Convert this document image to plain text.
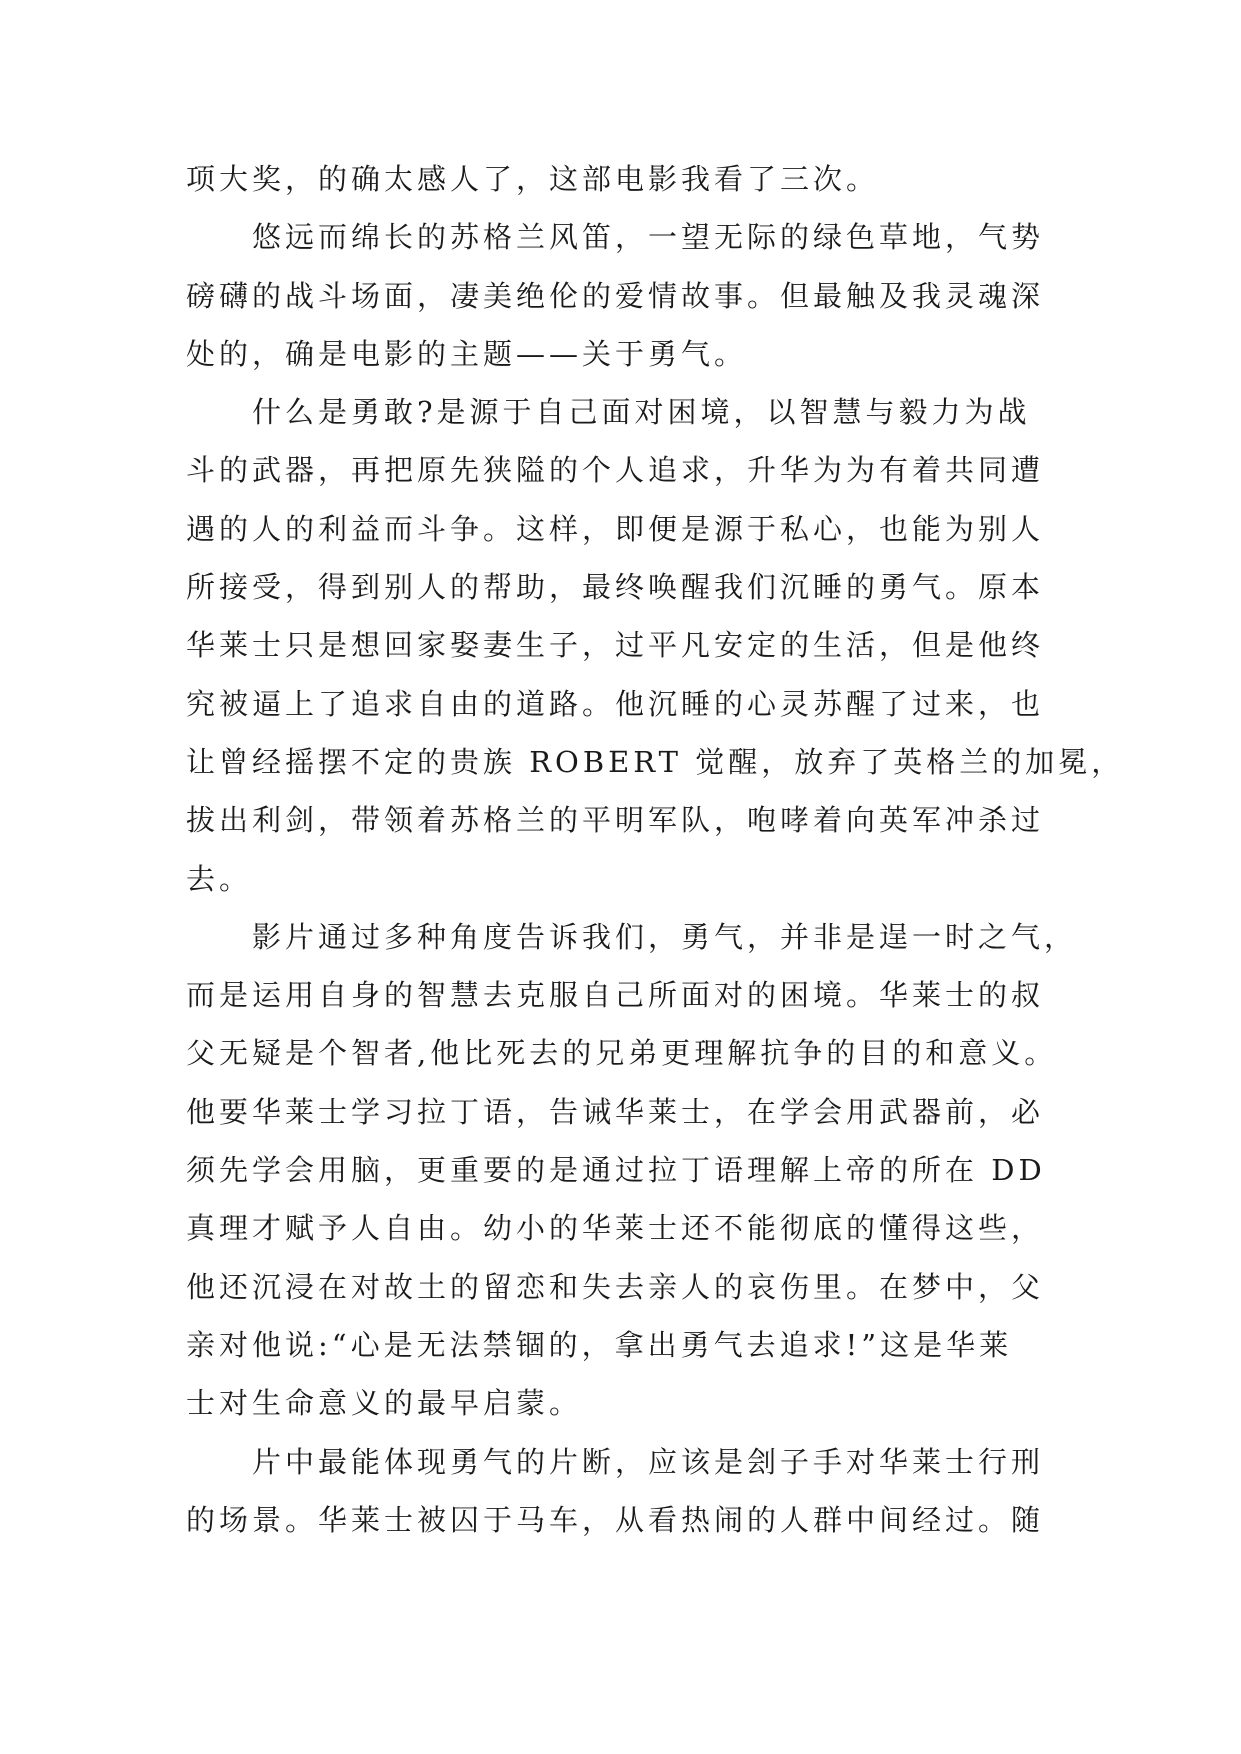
项大奖，的确太感人了，这部电影我看了三次。
悠远而绵长的苏格兰风笛，一望无际的绿色草地，气势
磅礴的战斗场面，凄美绝伦的爱情故事。但最触及我灵魂深
处的，确是电影的主题——关于勇气。
什么是勇敢?是源于自己面对困境，以智慧与毅力为战
斗的武器，再把原先狭隘的个人追求，升华为为有着共同遭
遇的人的利益而斗争。这样，即便是源于私心，也能为别人
所接受，得到别人的帮助，最终唤醒我们沉睡的勇气。原本
华莱士只是想回家娶妻生子，过平凡安定的生活，但是他终
究被逼上了追求自由的道路。他沉睡的心灵苏醒了过来，也
让曾经摇摆不定的贵族 ROBERT 觉醒，放弃了英格兰的加冕，
拔出利剑，带领着苏格兰的平明军队，咆哮着向英军冲杀过
去。
影片通过多种角度告诉我们，勇气，并非是逞一时之气，
而是运用自身的智慧去克服自己所面对的困境。华莱士的叔
父无疑是个智者,他比死去的兄弟更理解抗争的目的和意义。
他要华莱士学习拉丁语，告诫华莱士，在学会用武器前，必
须先学会用脑，更重要的是通过拉丁语理解上帝的所在 DD
真理才赋予人自由。幼小的华莱士还不能彻底的懂得这些，
他还沉浸在对故土的留恋和失去亲人的哀伤里。在梦中，父
亲对他说:“心是无法禁锢的，拿出勇气去追求!”这是华莱
士对生命意义的最早启蒙。
片中最能体现勇气的片断，应该是刽子手对华莱士行刑
的场景。华莱士被囚于马车，从看热闹的人群中间经过。随
